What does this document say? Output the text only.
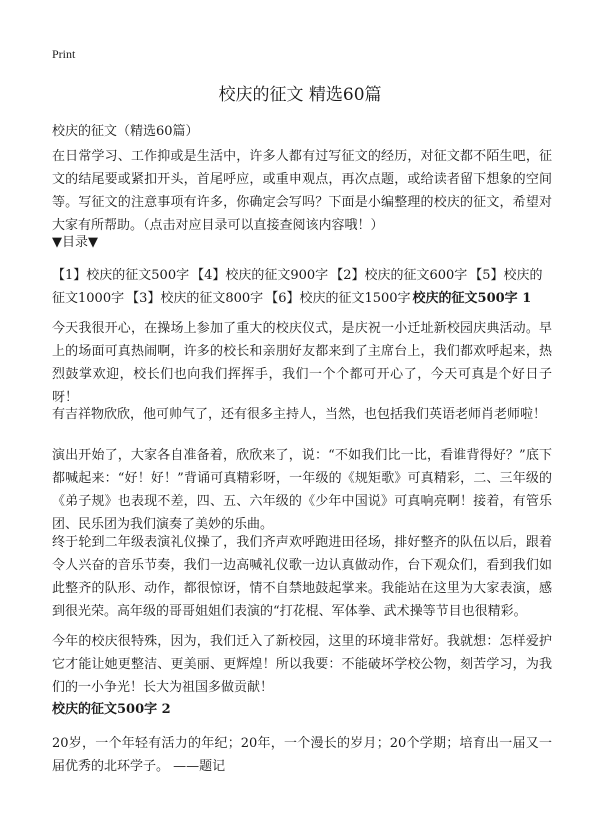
Print
校庆的征文 精选60篇

校庆的征文（精选60篇）

在日常学习、工作抑或是生活中，许多人都有过写征文的经历，对征文都不陌生吧，征文的结尾要或紧扣开头，首尾呼应，或重申观点，再次点题，或给读者留下想象的空间等。写征文的注意事项有许多，你确定会写吗？下面是小编整理的校庆的征文，希望对大家有所帮助。（点击对应目录可以直接查阅该内容哦！）

▼目录▼

【1】校庆的征文500字 【4】校庆的征文900字 【2】校庆的征文600字 【5】校庆的征文1000字 【3】校庆的征文800字 【6】校庆的征文1500字 校庆的征文500字 1

今天我很开心，在操场上参加了重大的校庆仪式，是庆祝一小迁址新校园庆典活动。早上的场面可真热闹啊，许多的校长和亲朋好友都来到了主席台上，我们都欢呼起来，热烈鼓掌欢迎，校长们也向我们挥挥手，我们一个个都可开心了，今天可真是个好日子呀！

有吉祥物欣欣，他可帅气了，还有很多主持人，当然，也包括我们英语老师肖老师啦！

演出开始了，大家各自准备着，欣欣来了，说：“不如我们比一比，看谁背得好？”底下都喊起来：“好！好！”背诵可真精彩呀，一年级的《规矩歌》可真精彩，二、三年级的《弟子规》也表现不差，四、五、六年级的《少年中国说》可真响亮啊！接着，有管乐团、民乐团为我们演奏了美妙的乐曲。

终于轮到二年级表演礼仪操了，我们齐声欢呼跑进田径场，排好整齐的队伍以后，跟着令人兴奋的音乐节奏，我们一边高喊礼仪歌一边认真做动作，台下观众们，看到我们如此整齐的队形、动作，都很惊讶，情不自禁地鼓起掌来。我能站在这里为大家表演，感到很光荣。高年级的哥哥姐姐们表演的“打花棍、军体拳、武术操等节目也很精彩。

今年的校庆很特殊，因为，我们迁入了新校园，这里的环境非常好。我就想：怎样爱护它才能让她更整洁、更美丽、更辉煌！所以我要：不能破坏学校公物，刻苦学习，为我们的一小争光！长大为祖国多做贡献！

校庆的征文500字 2

20岁，一个年轻有活力的年纪；20年，一个漫长的岁月；20个学期；培育出一届又一届优秀的北环学子。 ——题记
